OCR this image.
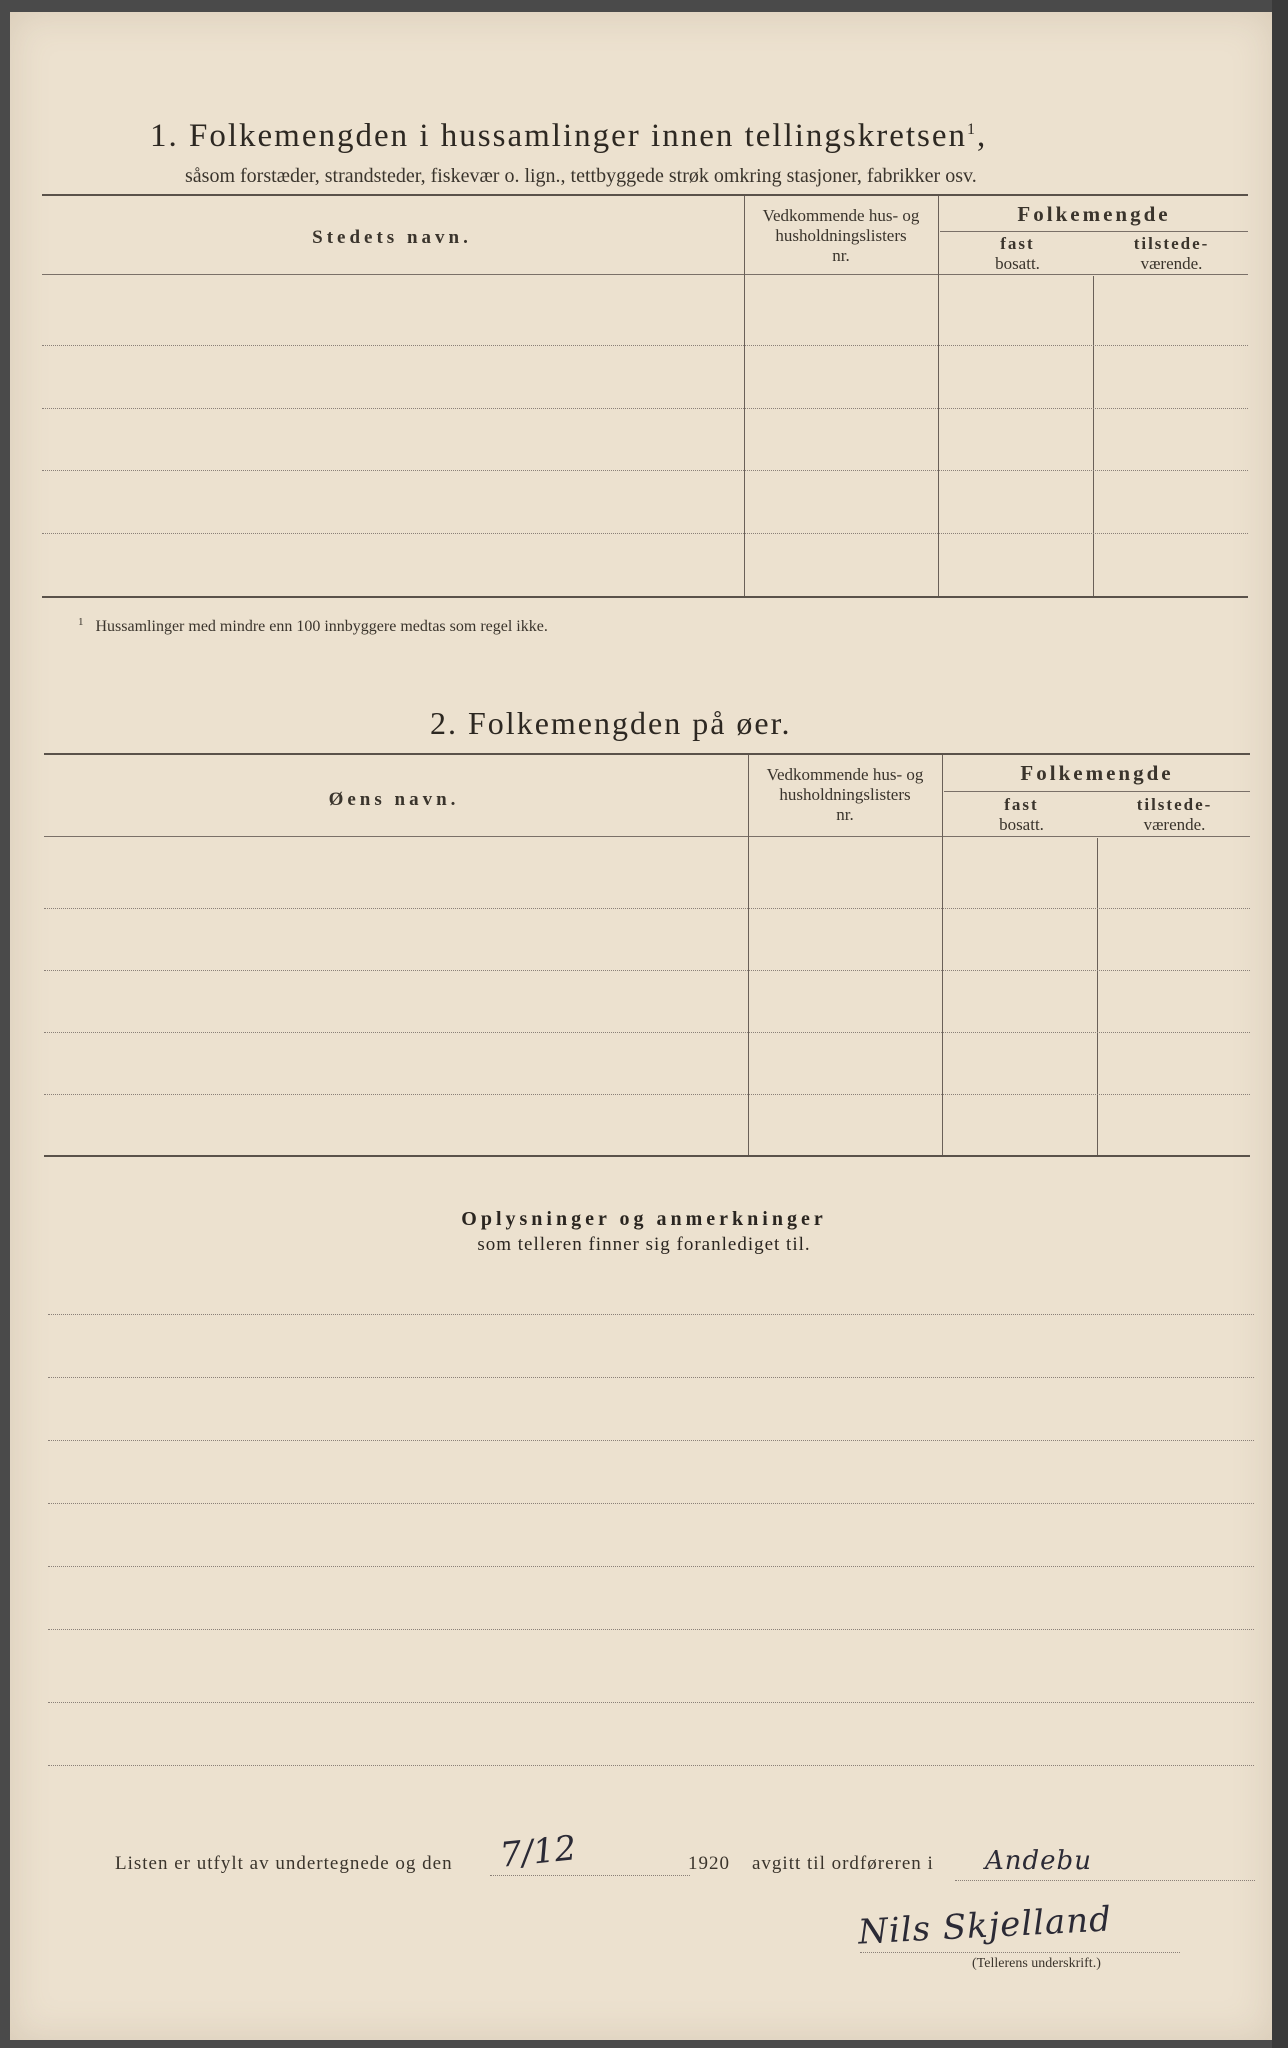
1. Folkemengden i hussamlinger innen tellingskretsen$^1$,
såsom forstæder, strandsteder, fiskevær o. lign., tettbyggede strøk omkring stasjoner, fabrikker osv.
Stedets navn.
Vedkommende hus- og
husholdningslisters
nr.
Folkemengde
fast
bosatt.
tilstede-
værende.
$^1$ Hussamlinger med mindre enn 100 innbyggere medtas som regel ikke.
2. Folkemengden på øer.
Øens navn.
Vedkommende hus- og
husholdningslisters
nr.
Folkemengde
fast
bosatt.
tilstede-
værende.
Oplysninger og anmerkninger
som telleren finner sig foranlediget til.
Listen er utfylt av undertegnede og den 7/12	1920 avgitt til ordføreren i Andebu
Nils Skjelland
(Tellerens underskrift.)
